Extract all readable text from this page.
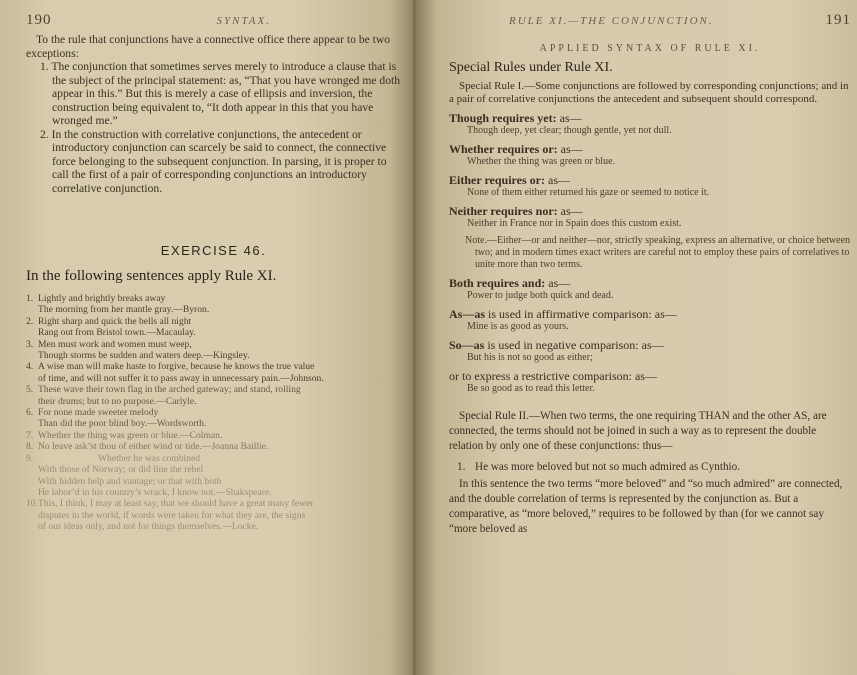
190	SYNTAX.

To the rule that conjunctions have a connective office there appear to be two exceptions:

1. The conjunction that sometimes serves merely to introduce a clause that is the subject of the principal statement: as, “That you have wronged me doth appear in this.” But this is merely a case of ellipsis and inversion, the construction being equivalent to, “It doth appear in this that you have wronged me.”

2. In the construction with correlative conjunctions, the antecedent or introductory conjunction can scarcely be said to connect, the connective force belonging to the subsequent conjunction. In parsing, it is proper to call the first of a pair of corresponding conjunctions an introductory correlative conjunction.

EXERCISE 46.
In the following sentences apply Rule XI.
1. Lightly and brightly breaks away
The morning from her mantle gray.—Byron.
2. Right sharp and quick the bells all night
Rang out from Bristol town.—Macaulay.
3. Men must work and women must weep,
Though storms be sudden and waters deep.—Kingsley.
4. A wise man will make haste to forgive, because he knows the true value
of time, and will not suffer it to pass away in unnecessary pain.—Johnson.
5. These wave their town flag in the arched gateway; and stand, rolling
their drums; but to no purpose.—Carlyle.
6. For none made sweeter melody
Than did the poor blind boy.—Wordsworth.
7. Whether the thing was green or blue.—Colman.
8. No leave ask’st thou of either wind or tide.—Joanna Baillie.
9.	Whether he was combined
With those of Norway; or did line the rebel
With hidden help and vantage; or that with both
He labor’d in his country’s wrack, I know not.—Shakspeare.
10.This, I think, I may at least say, that we should have a great many fewer
disputes in the world, if words were taken for what they are, the signs
of our ideas only, and not for things themselves.—Locke.
RULE XI.—THE CONJUNCTION.	191
APPLIED SYNTAX OF RULE XI.
Special Rules under Rule XI.

Special Rule I.—Some conjunctions are followed by corresponding conjunctions; and in a pair of correlative conjunctions the antecedent and subsequent should correspond.

Though requires yet: as—
Though deep, yet clear; though gentle, yet not dull.
Whether requires or: as—
Whether the thing was green or blue.
Either requires or: as—
None of them either returned his gaze or seemed to notice it.
Neither requires nor: as—
Neither in France nor in Spain does this custom exist.

Note.—Either—or and neither—nor, strictly speaking, express an alternative, or choice between two; and in modern times exact writers are careful not to employ these pairs of correlatives to unite more than two terms.

Both requires and: as—
Power to judge both quick and dead.
As—as is used in affirmative comparison: as—
Mine is as good as yours.
So—as is used in negative comparison: as—
But his is not so good as either;
or to express a restrictive comparison: as—
Be so good as to read this letter.

Special Rule II.—When two terms, the one requiring THAN and the other AS, are connected, the terms should not be joined in such a way as to represent the double relation by only one of these conjunctions: thus—

1. He was more beloved but not so much admired as Cynthio.

In this sentence the two terms “more beloved” and “so much admired” are connected, and the double correlation of terms is represented by the conjunction as. But a comparative, as “more beloved,” requires to be followed by than (for we cannot say “more beloved as
